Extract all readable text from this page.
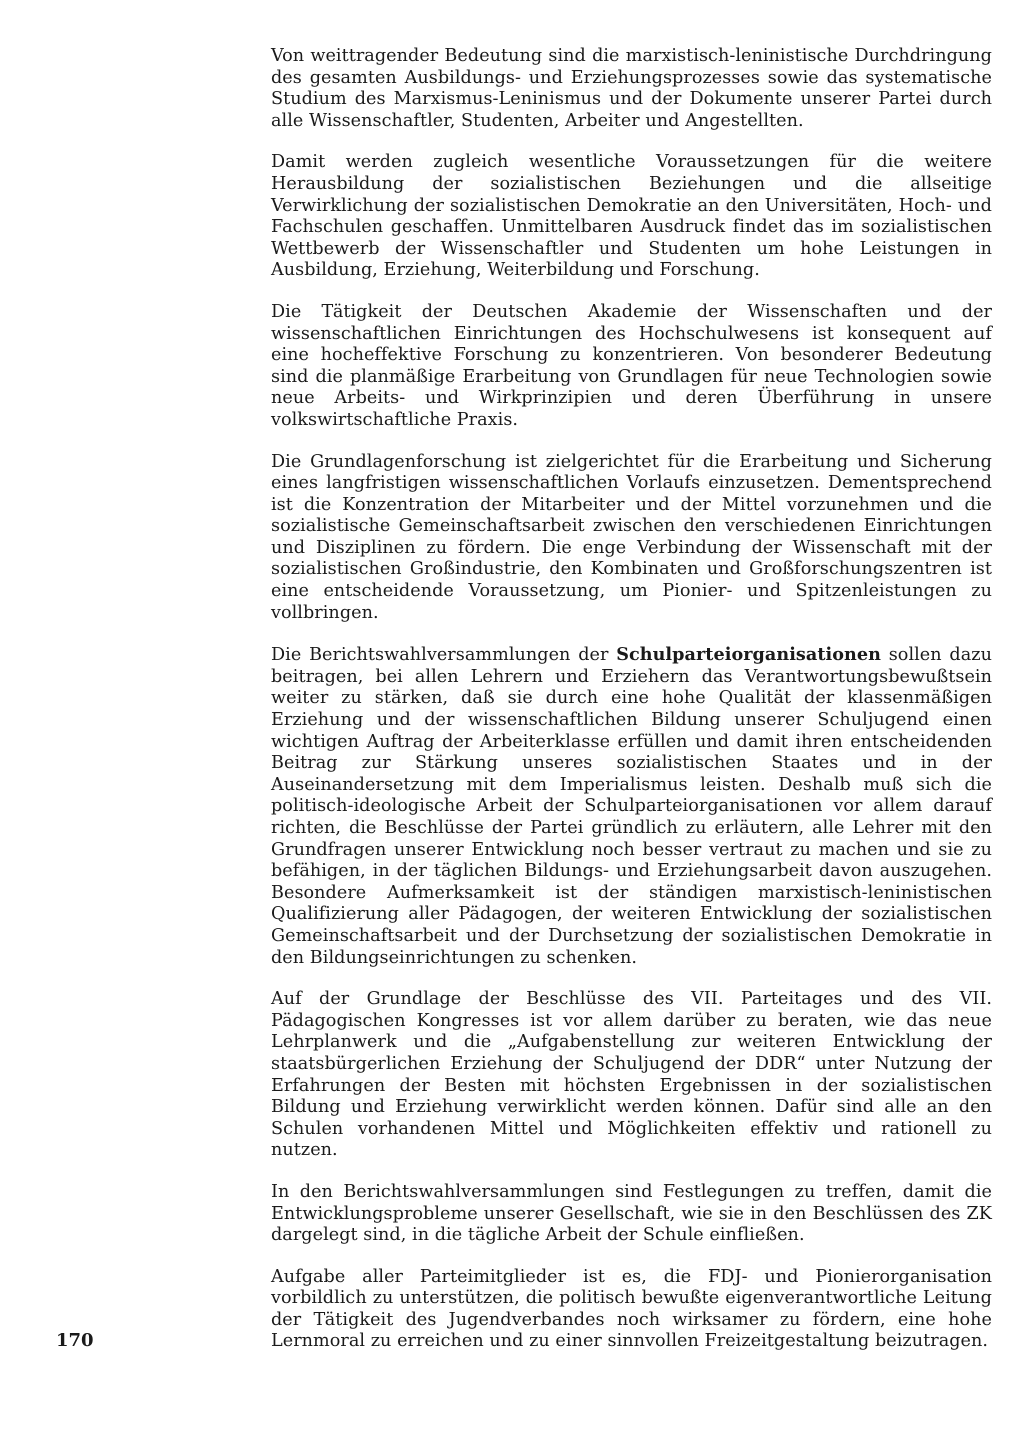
Von weittragender Bedeutung sind die marxistisch-leninistische Durchdringung des gesamten Ausbildungs- und Erziehungsprozesses sowie das systematische Studium des Marxismus-Leninismus und der Dokumente unserer Partei durch alle Wissenschaftler, Studenten, Arbeiter und Angestellten.

Damit werden zugleich wesentliche Voraussetzungen für die weitere Herausbildung der sozialistischen Beziehungen und die allseitige Verwirklichung der sozialistischen Demokratie an den Universitäten, Hoch- und Fachschulen geschaffen. Unmittelbaren Ausdruck findet das im sozialistischen Wettbewerb der Wissenschaftler und Studenten um hohe Leistungen in Ausbildung, Erziehung, Weiterbildung und Forschung.

Die Tätigkeit der Deutschen Akademie der Wissenschaften und der wissenschaftlichen Einrichtungen des Hochschulwesens ist konsequent auf eine hocheffektive Forschung zu konzentrieren. Von besonderer Bedeutung sind die planmäßige Erarbeitung von Grundlagen für neue Technologien sowie neue Arbeits- und Wirkprinzipien und deren Überführung in unsere volkswirtschaftliche Praxis.

Die Grundlagenforschung ist zielgerichtet für die Erarbeitung und Sicherung eines langfristigen wissenschaftlichen Vorlaufs einzusetzen. Dementsprechend ist die Konzentration der Mitarbeiter und der Mittel vorzunehmen und die sozialistische Gemeinschaftsarbeit zwischen den verschiedenen Einrichtungen und Disziplinen zu fördern. Die enge Verbindung der Wissenschaft mit der sozialistischen Großindustrie, den Kombinaten und Großforschungszentren ist eine entscheidende Voraussetzung, um Pionier- und Spitzenleistungen zu vollbringen.

Die Berichtswahlversammlungen der Schulparteiorganisationen sollen dazu beitragen, bei allen Lehrern und Erziehern das Verantwortungsbewußtsein weiter zu stärken, daß sie durch eine hohe Qualität der klassenmäßigen Erziehung und der wissenschaftlichen Bildung unserer Schuljugend einen wichtigen Auftrag der Arbeiterklasse erfüllen und damit ihren entscheidenden Beitrag zur Stärkung unseres sozialistischen Staates und in der Auseinandersetzung mit dem Imperialismus leisten. Deshalb muß sich die politisch-ideologische Arbeit der Schulparteiorganisationen vor allem darauf richten, die Beschlüsse der Partei gründlich zu erläutern, alle Lehrer mit den Grundfragen unserer Entwicklung noch besser vertraut zu machen und sie zu befähigen, in der täglichen Bildungs- und Erziehungsarbeit davon auszugehen. Besondere Aufmerksamkeit ist der ständigen marxistisch-leninistischen Qualifizierung aller Pädagogen, der weiteren Entwicklung der sozialistischen Gemeinschaftsarbeit und der Durchsetzung der sozialistischen Demokratie in den Bildungseinrichtungen zu schenken.

Auf der Grundlage der Beschlüsse des VII. Parteitages und des VII. Pädagogischen Kongresses ist vor allem darüber zu beraten, wie das neue Lehrplanwerk und die „Aufgabenstellung zur weiteren Entwicklung der staatsbürgerlichen Erziehung der Schuljugend der DDR“ unter Nutzung der Erfahrungen der Besten mit höchsten Ergebnissen in der sozialistischen Bildung und Erziehung verwirklicht werden können. Dafür sind alle an den Schulen vorhandenen Mittel und Möglichkeiten effektiv und rationell zu nutzen.

In den Berichtswahlversammlungen sind Festlegungen zu treffen, damit die Entwicklungsprobleme unserer Gesellschaft, wie sie in den Beschlüssen des ZK dargelegt sind, in die tägliche Arbeit der Schule einfließen.

Aufgabe aller Parteimitglieder ist es, die FDJ- und Pionierorganisation vorbildlich zu unterstützen, die politisch bewußte eigenverantwortliche Leitung der Tätigkeit des Jugendverbandes noch wirksamer zu fördern, eine hohe Lernmoral zu erreichen und zu einer sinnvollen Freizeitgestaltung beizutragen.

170
